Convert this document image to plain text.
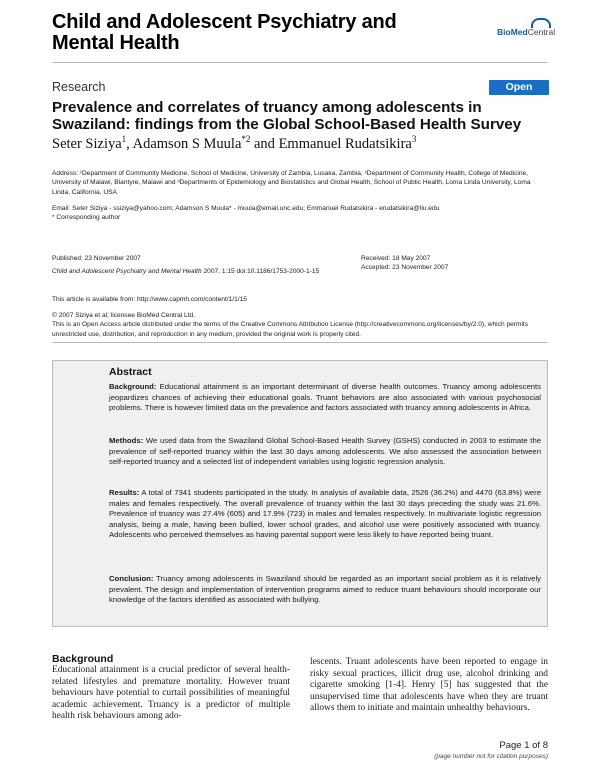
Child and Adolescent Psychiatry and
Mental Health	BioMedCentral
Research	Open Access
Prevalence and correlates of truancy among adolescents in Swaziland: findings from the Global School-Based Health Survey
Seter Siziya$^1$, Adamson S Muula$^{*2}$ and Emmanuel Rudatsikira$^3$
Address: ¹Department of Community Medicine, School of Medicine, University of Zambia, Lusaka, Zambia, ²Department of Community Health, College of Medicine, University of Malawi, Blantyre, Malawi and ³Departments of Epidemiology and Biostatistics and Global Health, School of Public Health, Loma Linda University, Loma Linda, California, USA
Email: Seter Siziya - ssiziya@yahoo.com; Adamson S Muula* - muula@email.unc.edu; Emmanuel Rudatsikira - erudatsikira@llu.edu
* Corresponding author
Published: 23 November 2007
Child and Adolescent Psychiatry and Mental Health 2007, 1:15 doi:10.1186/1753-2000-1-15
Received: 18 May 2007
Accepted: 23 November 2007
This article is available from: http://www.capmh.com/content/1/1/15
© 2007 Siziya et al; licensee BioMed Central Ltd.
This is an Open Access article distributed under the terms of the Creative Commons Attribution License (http://creativecommons.org/licenses/by/2.0), which permits unrestricted use, distribution, and reproduction in any medium, provided the original work is properly cited.
Abstract
Background: Educational attainment is an important determinant of diverse health outcomes. Truancy among adolescents jeopardizes chances of achieving their educational goals. Truant behaviors are also associated with various psychosocial problems. There is however limited data on the prevalence and factors associated with truancy among adolescents in Africa.
Methods: We used data from the Swaziland Global School-Based Health Survey (GSHS) conducted in 2003 to estimate the prevalence of self-reported truancy within the last 30 days among adolescents. We also assessed the association between self-reported truancy and a selected list of independent variables using logistic regression analysis.
Results: A total of 7341 students participated in the study. In analysis of available data, 2526 (36.2%) and 4470 (63.8%) were males and females respectively. The overall prevalence of truancy within the last 30 days preceding the study was 21.6%. Prevalence of truancy was 27.4% (605) and 17.9% (723) in males and females respectively. In multivariate logistic regression analysis, being a male, having been bullied, lower school grades, and alcohol use were positively associated with truancy. Adolescents who perceived themselves as having parental support were less likely to have reported being truant.
Conclusion: Truancy among adolescents in Swaziland should be regarded as an important social problem as it is relatively prevalent. The design and implementation of intervention programs aimed to reduce truant behaviours should incorporate our knowledge of the factors identified as associated with bullying.
Background
Educational attainment is a crucial predictor of several health-related lifestyles and premature mortality. However truant behaviours have potential to curtail possibilities of meaningful academic achievement. Truancy is a predictor of multiple health risk behaviours among ado-
lescents. Truant adolescents have been reported to engage in risky sexual practices, illicit drug use, alcohol drinking and cigarette smoking [1-4]. Henry [5] has suggested that the unsupervised time that adolescents have when they are truant allows them to initiate and maintain unhealthy behaviours.
Page 1 of 8
(page number not for citation purposes)
